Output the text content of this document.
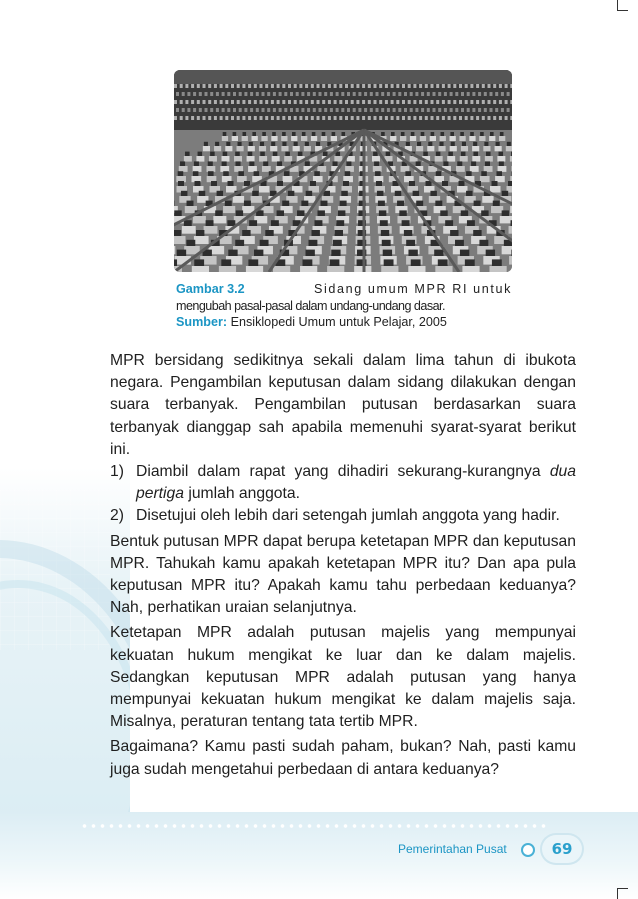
Gambar 3.2	Sidang umum MPR RI untuk
mengubah pasal-pasal dalam undang-undang dasar.
Sumber: Ensiklopedi Umum untuk Pelajar, 2005

MPR bersidang sedikitnya sekali dalam lima tahun di ibukota negara. Pengambilan keputusan dalam sidang dilakukan dengan suara terbanyak. Pengambilan putusan berdasarkan suara terbanyak dianggap sah apabila memenuhi syarat-syarat berikut ini.

1) Diambil dalam rapat yang dihadiri sekurang-kurangnya dua pertiga jumlah anggota.
2) Disetujui oleh lebih dari setengah jumlah anggota yang hadir.

Bentuk putusan MPR dapat berupa ketetapan MPR dan keputusan MPR. Tahukah kamu apakah ketetapan MPR itu? Dan apa pula keputusan MPR itu? Apakah kamu tahu perbedaan keduanya? Nah, perhatikan uraian selanjutnya.

Ketetapan MPR adalah putusan majelis yang mempunyai kekuatan hukum mengikat ke luar dan ke dalam majelis. Sedangkan keputusan MPR adalah putusan yang hanya mempunyai kekuatan hukum mengikat ke dalam majelis saja. Misalnya, peraturan tentang tata tertib MPR.

Bagaimana? Kamu pasti sudah paham, bukan? Nah, pasti kamu juga sudah mengetahui perbedaan di antara keduanya?

Pemerintahan Pusat	69
